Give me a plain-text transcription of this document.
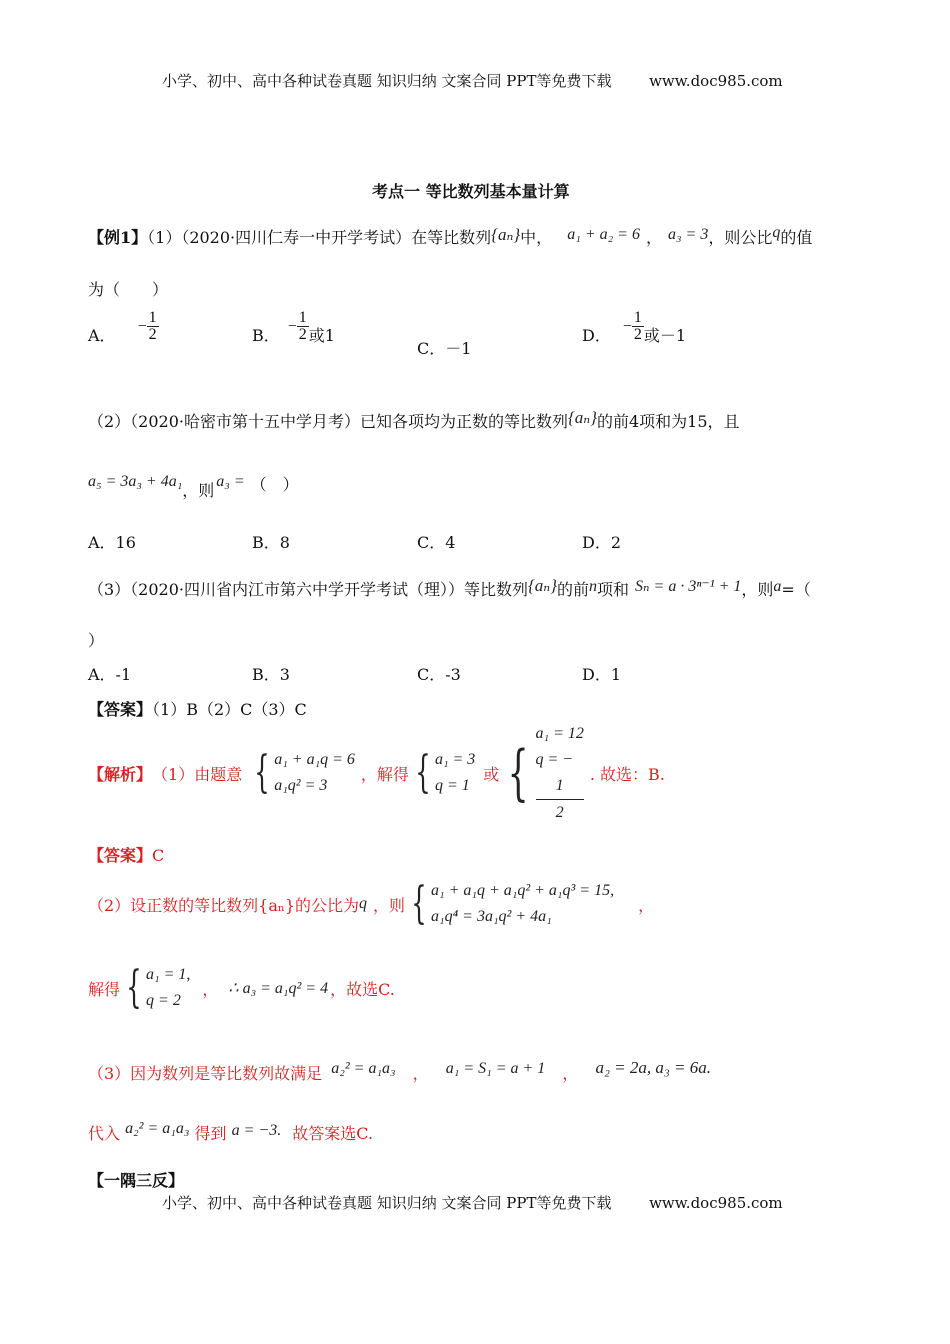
小学、初中、高中各种试卷真题 知识归纳 文案合同 PPT等免费下载	www.doc985.com
考点一 等比数列基本量计算
【例1】（1）（2020·四川仁寿一中开学考试）在等比数列{aₙ}中， a₁ + a₂ = 6 ， a₃ = 3，则公比q的值
为（　　）
A． − $\frac{1}{2}$	B． − $\frac{1}{2}$ 或1
C．－1
D． − $\frac{1}{2}$ 或－1
（2）（2020·哈密市第十五中学月考）已知各项均为正数的等比数列{aₙ}的前4项和为15，且
a₅ = 3a₃ + 4a₁，则 a₃ = （　）
A．16	B．8	C．4	D．2
（3）（2020·四川省内江市第六中学开学考试（理））等比数列{aₙ}的前n项和 Sₙ = a · 3ⁿ⁻¹ + 1，则a=（
）
A．-1	B．3	C．-3	D．1
【答案】（1）B（2）C（3）C
【解析】 （1）由题意 { a₁ + a₁q = 6
a₁q² = 3
，解得 { a₁ = 3
q = 1
或 {
a₁ = 12
q = −
1
2
. 故选：B.
【答案】C
（2）设正数的等比数列{aₙ}的公比为 q ，则 { a₁ + a₁q + a₁q² + a₁q³ = 15,
a₁q⁴ = 3a₁q² + 4a₁
，
解得 { a₁ = 1,
q = 2
， ∴ a₃ = a₁q² = 4 ，故选C.
（3）因为数列是等比数列故满足 a₂² = a₁a₃ ， a₁ = S₁ = a + 1 ， a₂ = 2a, a₃ = 6a.
代入 a₂² = a₁a₃ 得到 a = −3. 故答案选C.
【一隅三反】
小学、初中、高中各种试卷真题 知识归纳 文案合同 PPT等免费下载	www.doc985.com
